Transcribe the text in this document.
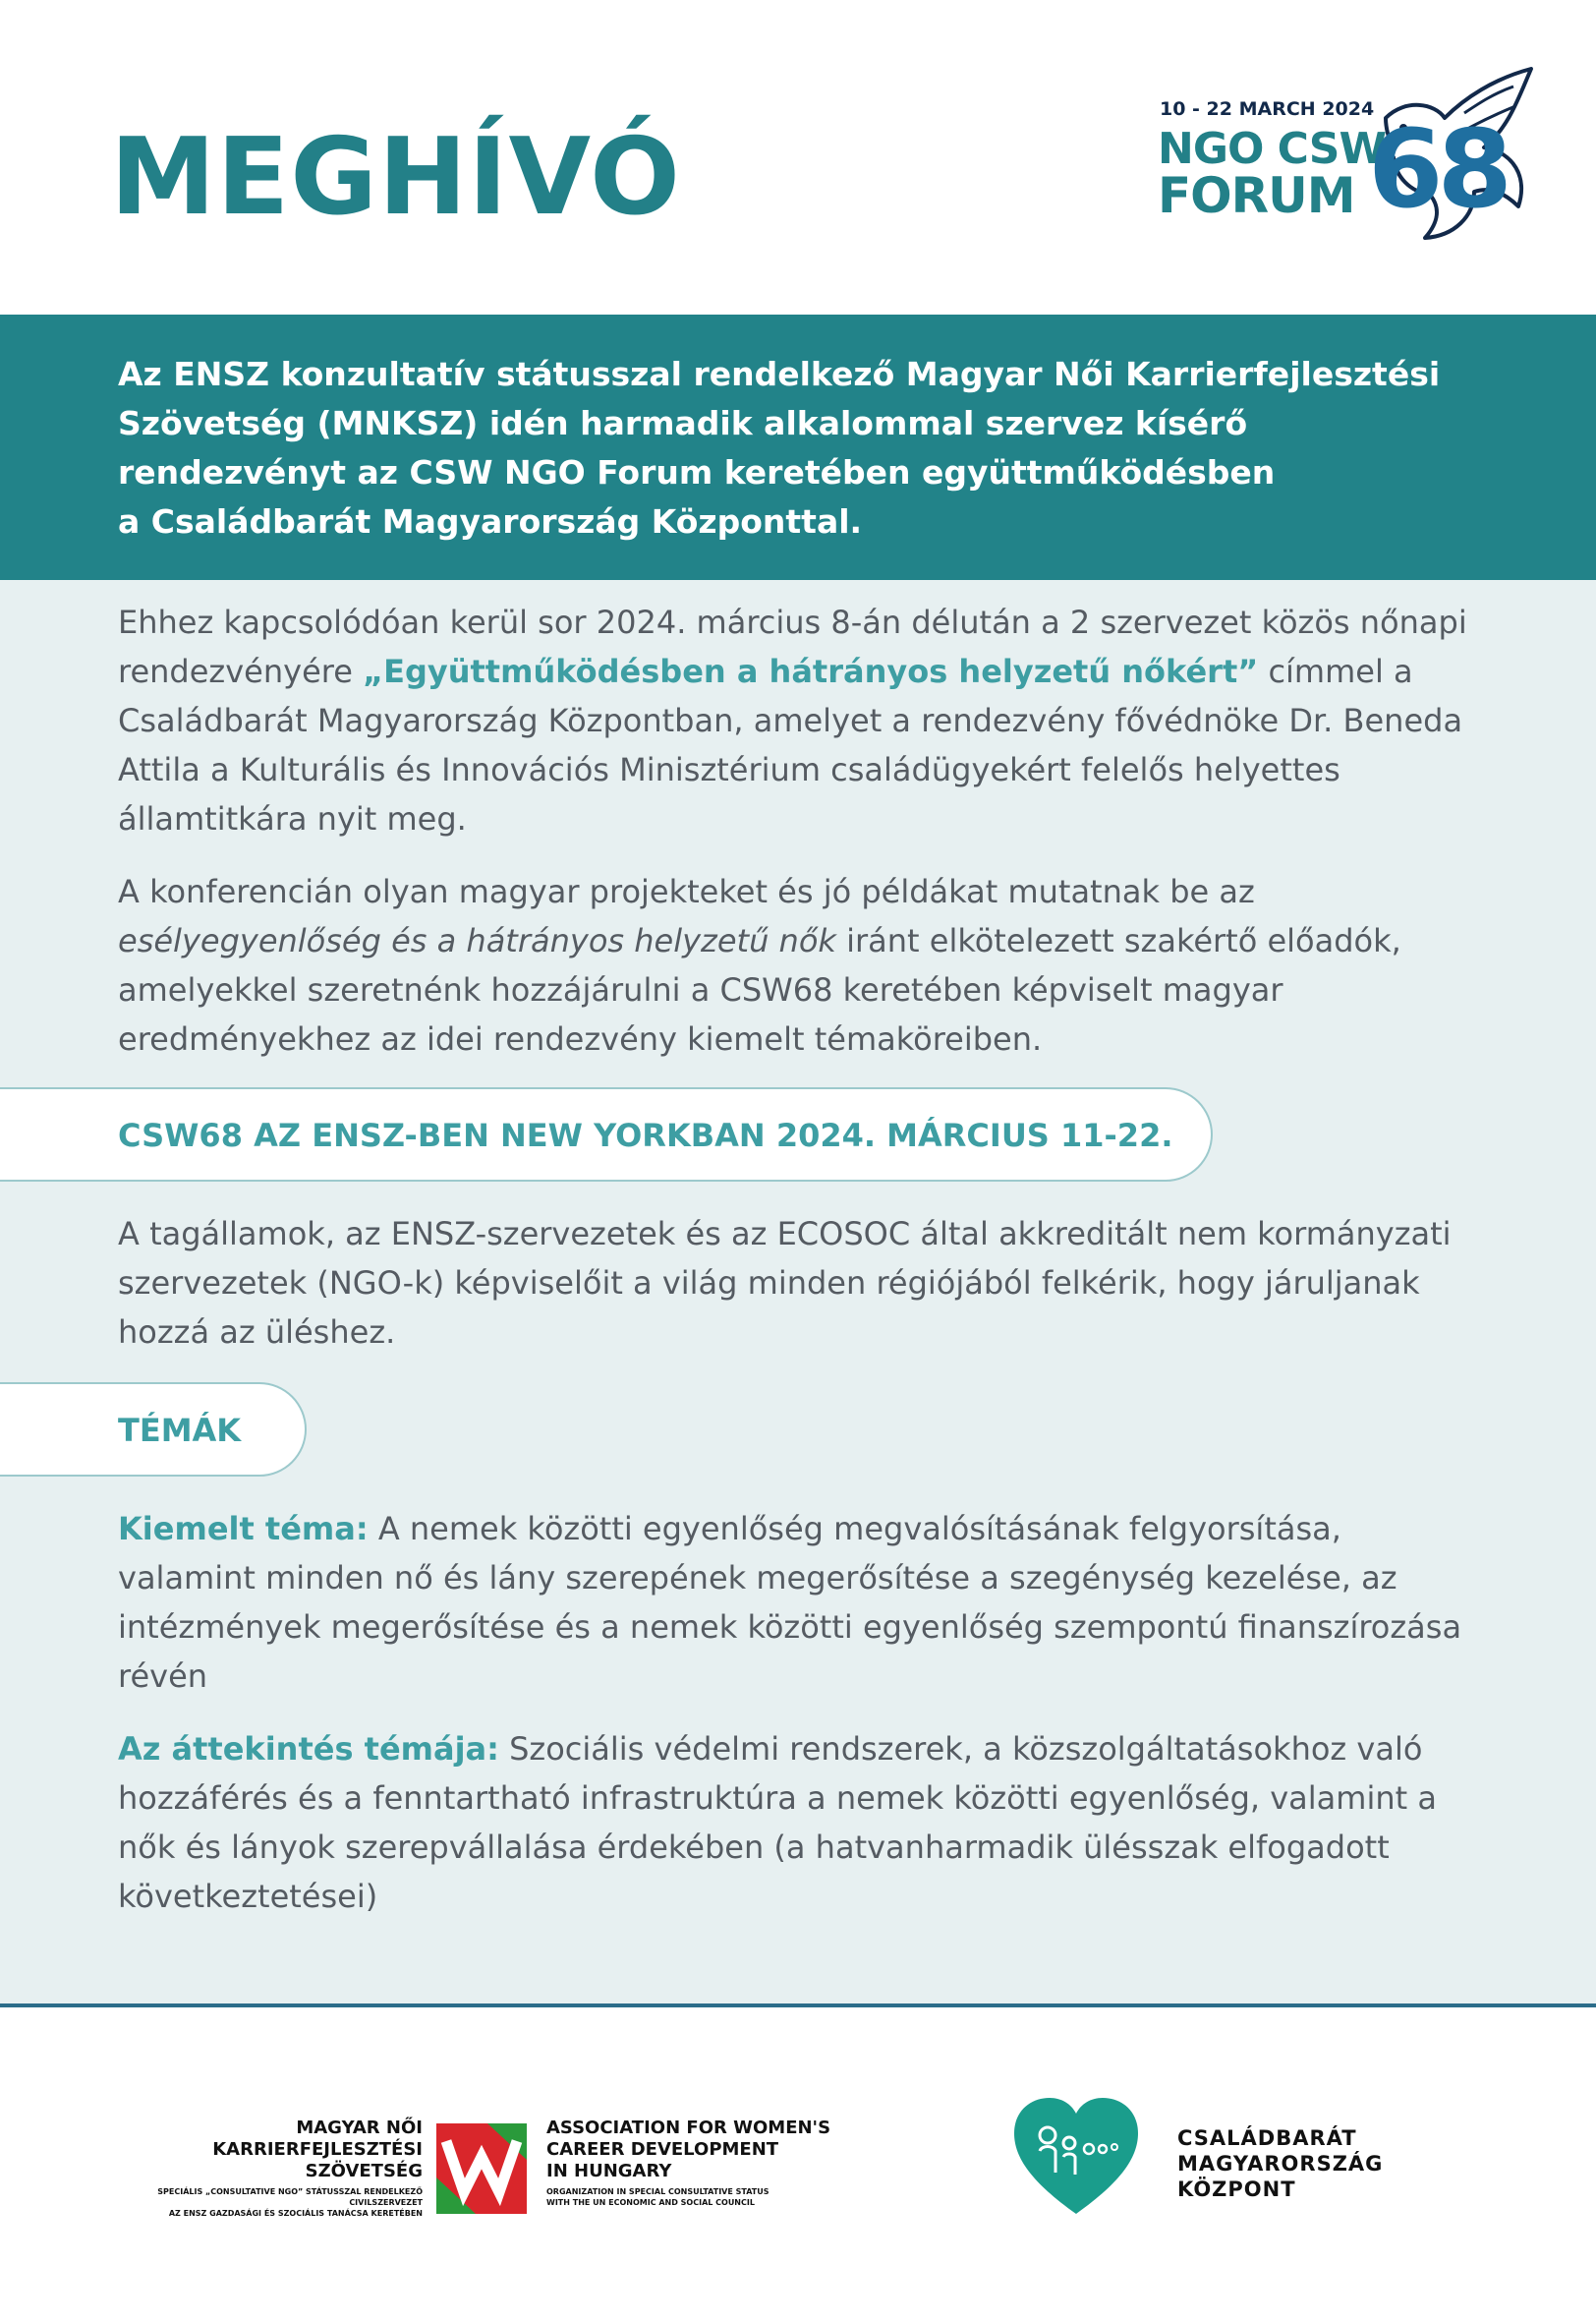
MEGHÍVÓ
10 - 22 MARCH 2024
NGO CSW
FORUM 68
Az ENSZ konzultatív státusszal rendelkező Magyar Női Karrierfejlesztési
Szövetség (MNKSZ) idén harmadik alkalommal szervez kísérő
rendezvényt az CSW NGO Forum keretében együttműködésben
a Családbarát Magyarország Központtal.

Ehhez kapcsolódóan kerül sor 2024. március 8-án délután a 2 szervezet közös nőnapi rendezvényére „Együttműködésben a hátrányos helyzetű nőkért” címmel a Családbarát Magyarország Központban, amelyet a rendezvény fővédnöke Dr. Beneda Attila a Kulturális és Innovációs Minisztérium családügyekért felelős helyettes államtitkára nyit meg.

A konferencián olyan magyar projekteket és jó példákat mutatnak be az esélyegyenlőség és a hátrányos helyzetű nők iránt elkötelezett szakértő előadók, amelyekkel szeretnénk hozzájárulni a CSW68 keretében képviselt magyar eredményekhez az idei rendezvény kiemelt témaköreiben.

CSW68 AZ ENSZ-BEN NEW YORKBAN 2024. MÁRCIUS 11-22.

A tagállamok, az ENSZ-szervezetek és az ECOSOC által akkreditált nem kormányzati szervezetek (NGO-k) képviselőit a világ minden régiójából felkérik, hogy járuljanak hozzá az üléshez.

TÉMÁK

Kiemelt téma: A nemek közötti egyenlőség megvalósításának felgyorsítása, valamint minden nő és lány szerepének megerősítése a szegénység kezelése, az intézmények megerősítése és a nemek közötti egyenlőség szempontú finanszírozása révén

Az áttekintés témája: Szociális védelmi rendszerek, a közszolgáltatásokhoz való hozzáférés és a fenntartható infrastruktúra a nemek közötti egyenlőség, valamint a nők és lányok szerepvállalása érdekében (a hatvanharmadik ülésszak elfogadott következtetései)

MAGYAR NŐI
KARRIERFEJLESZTÉSI
SZÖVETSÉG
SPECIÁLIS „CONSULTATIVE NGO” STÁTUSSZAL RENDELKEZŐ CIVILSZERVEZET
AZ ENSZ GAZDASÁGI ÉS SZOCIÁLIS TANÁCSA KERETÉBEN
ASSOCIATION FOR WOMEN'S
CAREER DEVELOPMENT
IN HUNGARY
ORGANIZATION IN SPECIAL CONSULTATIVE STATUS
WITH THE UN ECONOMIC AND SOCIAL COUNCIL
CSALÁDBARÁT
MAGYARORSZÁG
KÖZPONT
